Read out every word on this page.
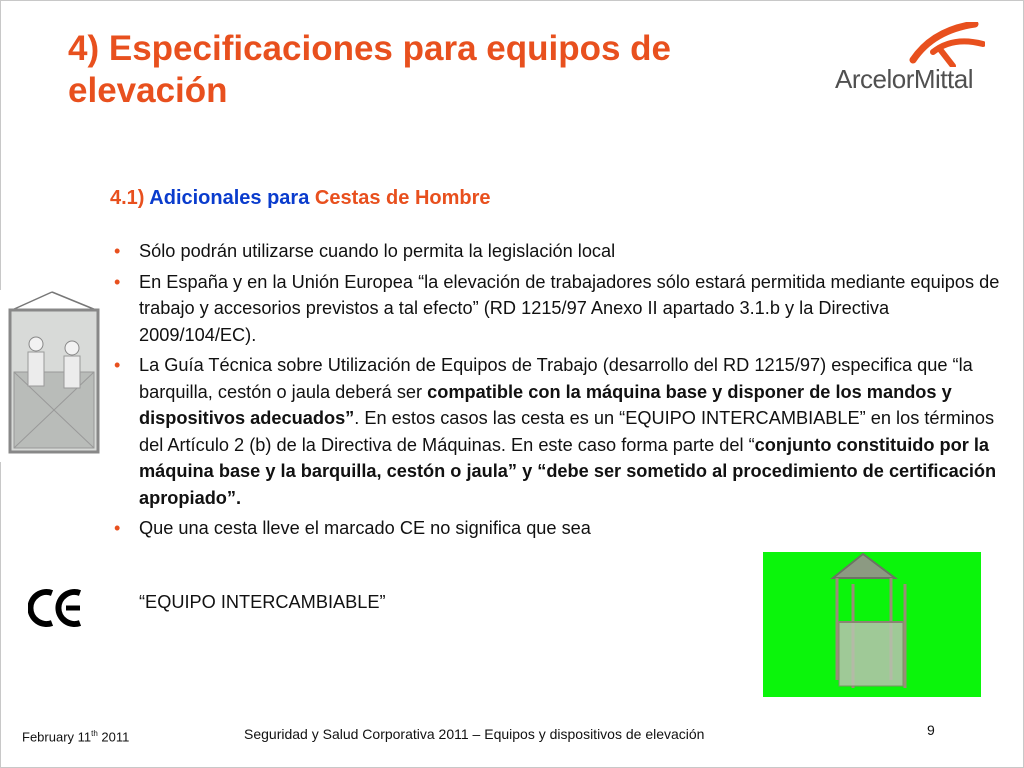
4) Especificaciones para equipos de elevación	ArcelorMittal
4.1) Adicionales para Cestas de Hombre
• Sólo podrán utilizarse cuando lo permita la legislación local
• En España y en la Unión Europea “la elevación de trabajadores sólo estará permitida mediante equipos de trabajo y accesorios previstos a tal efecto” (RD 1215/97 Anexo II apartado 3.1.b y la Directiva 2009/104/EC).
• La Guía Técnica sobre Utilización de Equipos de Trabajo (desarrollo del RD 1215/97) especifica que “la barquilla, cestón o jaula deberá ser compatible con la máquina base y disponer de los mandos y dispositivos adecuados”. En estos casos las cesta es un “EQUIPO INTERCAMBIABLE” en los términos del Artículo 2 (b) de la Directiva de Máquinas. En este caso forma parte del “conjunto constituido por la máquina base y la barquilla, cestón o jaula” y “debe ser sometido al procedimiento de certificación apropiado”.
• Que una cesta lleve el marcado CE no significa que sea
“EQUIPO INTERCAMBIABLE”
February 11th 2011	Seguridad y Salud Corporativa 2011 – Equipos y dispositivos de elevación	9
